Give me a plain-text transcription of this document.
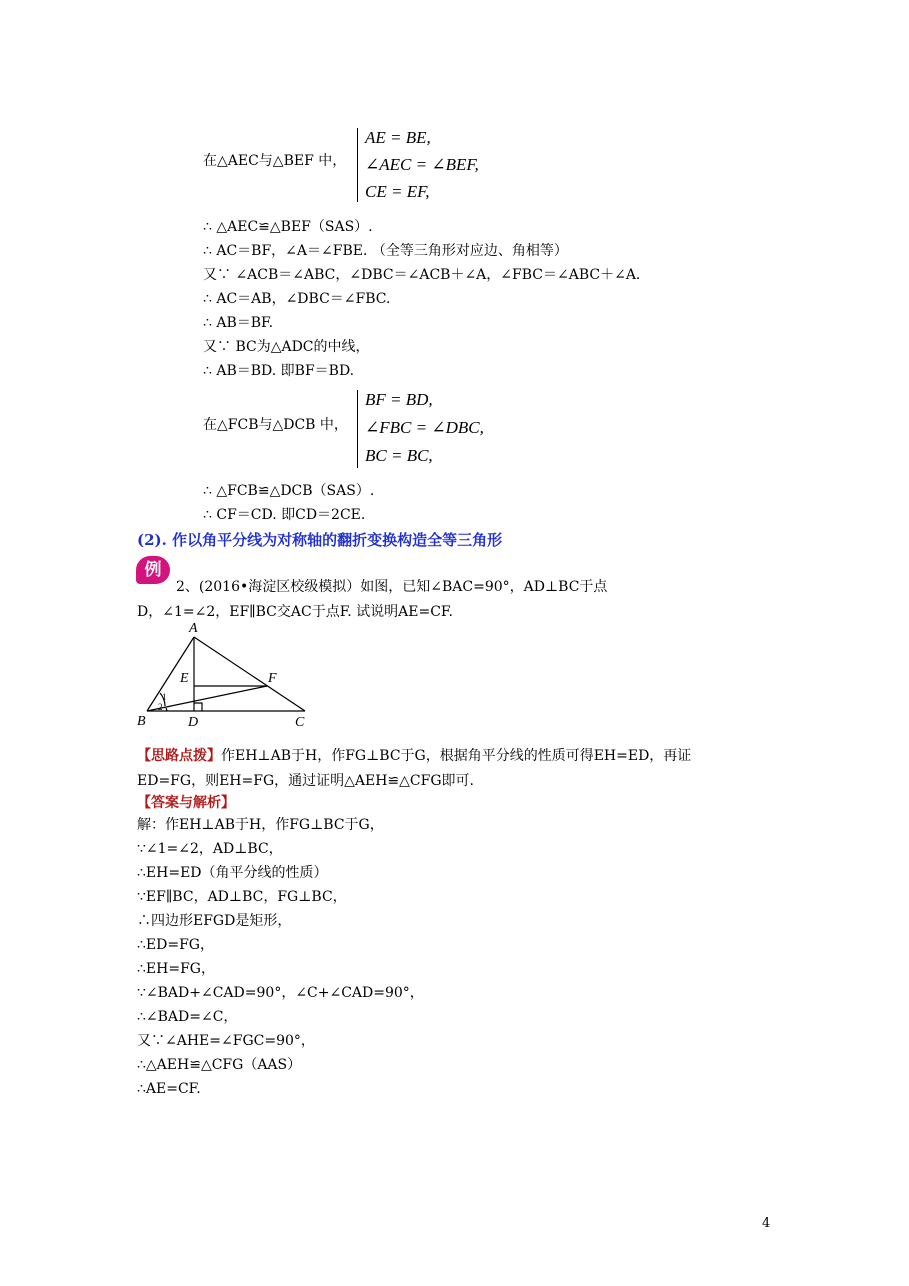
在△AEC与△BEF 中，
AE = BE,
∠AEC = ∠BEF,
CE = EF,
∴ △AEC≌△BEF（SAS）.
∴ AC＝BF，∠A＝∠FBE. （全等三角形对应边、角相等）
又∵ ∠ACB＝∠ABC，∠DBC＝∠ACB＋∠A，∠FBC＝∠ABC＋∠A.
∴ AC＝AB，∠DBC＝∠FBC.
∴ AB＝BF.
又∵ BC为△ADC的中线，
∴ AB＝BD. 即BF＝BD.
在△FCB与△DCB 中，
BF = BD,
∠FBC = ∠DBC,
BC = BC,
∴ △FCB≌△DCB（SAS）.
∴ CF＝CD. 即CD＝2CE.
(2). 作以角平分线为对称轴的翻折变换构造全等三角形
例
2、(2016•海淀区校级模拟）如图，已知∠BAC=90°，AD⊥BC于点
D，∠1=∠2，EF∥BC交AC于点F. 试说明AE=CF.
A
B	C
D
E	F
1
2
【思路点拨】作EH⊥AB于H，作FG⊥BC于G，根据角平分线的性质可得EH=ED，再证
ED=FG，则EH=FG，通过证明△AEH≌△CFG即可.
【答案与解析】
解：作EH⊥AB于H，作FG⊥BC于G，
∵∠1=∠2，AD⊥BC，
∴EH=ED（角平分线的性质）
∵EF∥BC，AD⊥BC，FG⊥BC，
∴四边形EFGD是矩形，
∴ED=FG，
∴EH=FG，
∵∠BAD+∠CAD=90°，∠C+∠CAD=90°，
∴∠BAD=∠C，
又∵∠AHE=∠FGC=90°，
∴△AEH≌△CFG（AAS）
∴AE=CF.
4
